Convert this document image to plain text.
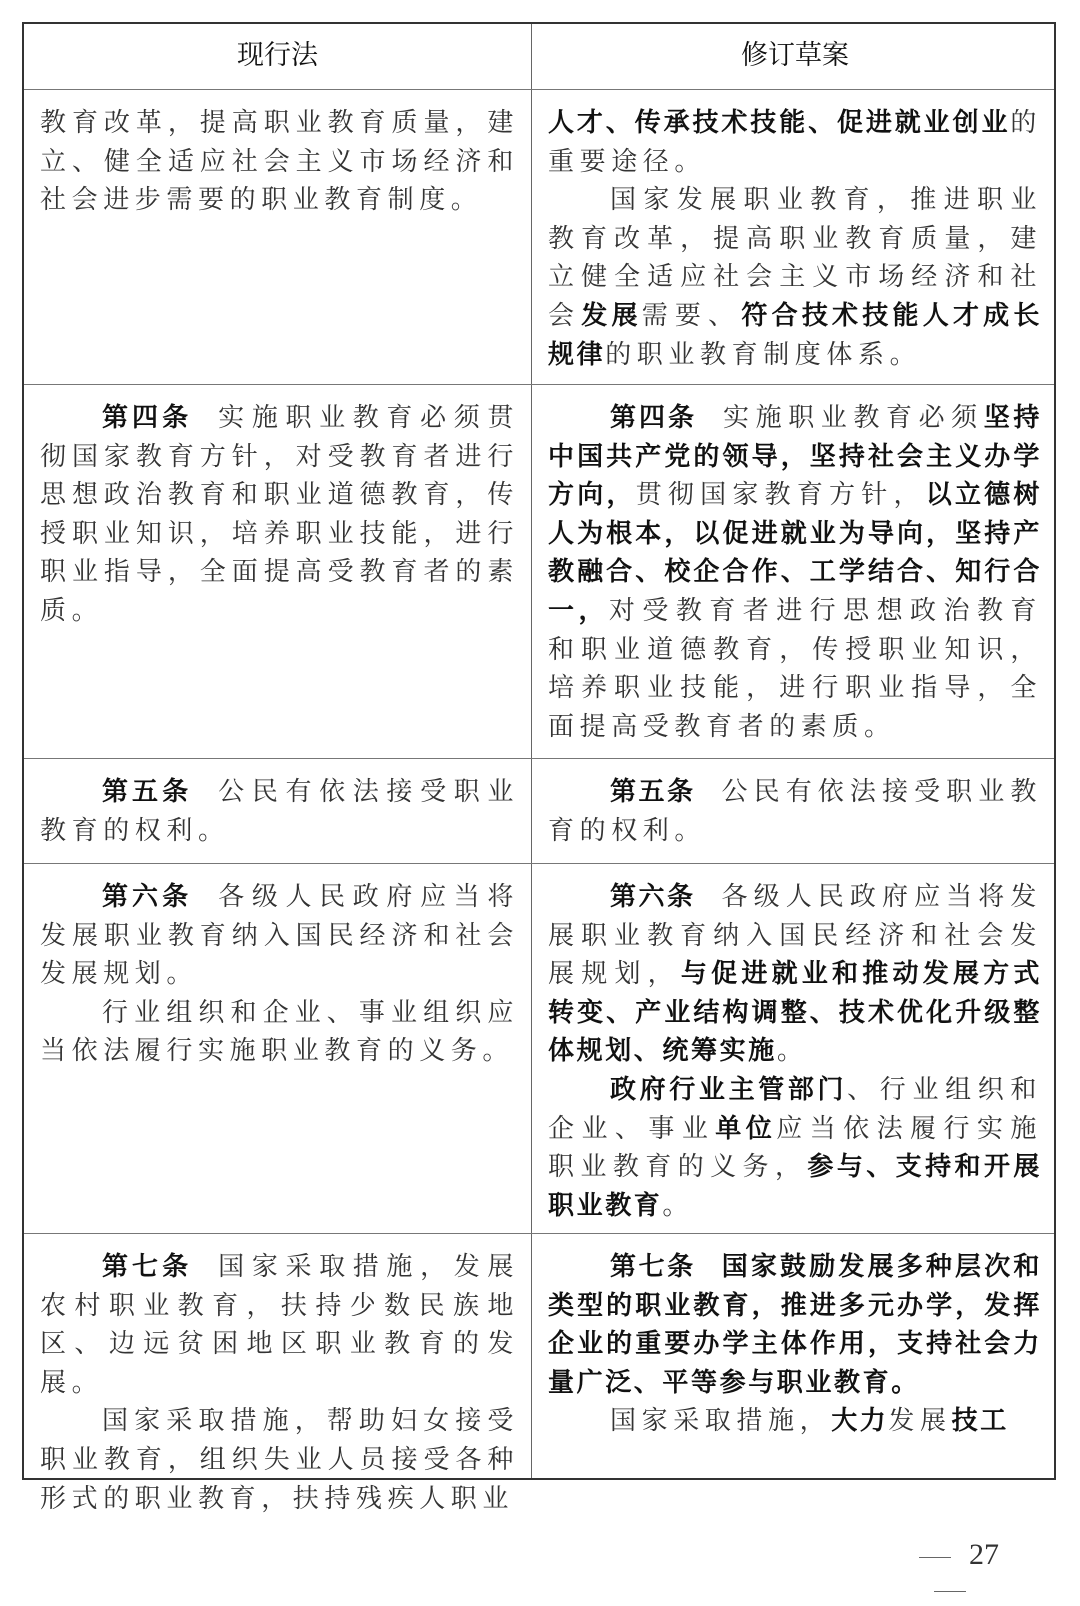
现行法	修订草案

教育改革，提高职业教育质量，建立、健全适应社会主义市场经济和社会进步需要的职业教育制度。

人才、传承技术技能、促进就业创业的重要途径。

国家发展职业教育，推进职业教育改革，提高职业教育质量，建立健全适应社会主义市场经济和社会发展需要、符合技术技能人才成长规律的职业教育制度体系。

第四条 实施职业教育必须贯彻国家教育方针，对受教育者进行思想政治教育和职业道德教育，传授职业知识，培养职业技能，进行职业指导，全面提高受教育者的素质。

第四条 实施职业教育必须坚持中国共产党的领导，坚持社会主义办学方向，贯彻国家教育方针，以立德树人为根本，以促进就业为导向，坚持产教融合、校企合作、工学结合、知行合一，对受教育者进行思想政治教育和职业道德教育，传授职业知识，培养职业技能，进行职业指导，全面提高受教育者的素质。

第五条 公民有依法接受职业教育的权利。

第五条 公民有依法接受职业教育的权利。

第六条 各级人民政府应当将发展职业教育纳入国民经济和社会发展规划。

行业组织和企业、事业组织应当依法履行实施职业教育的义务。

第六条 各级人民政府应当将发展职业教育纳入国民经济和社会发展规划，与促进就业和推动发展方式转变、产业结构调整、技术优化升级整体规划、统筹实施。

政府行业主管部门、行业组织和企业、事业单位应当依法履行实施职业教育的义务，参与、支持和开展职业教育。

第七条 国家采取措施，发展农村职业教育，扶持少数民族地区、边远贫困地区职业教育的发展。

国家采取措施，帮助妇女接受职业教育，组织失业人员接受各种形式的职业教育，扶持残疾人职业

第七条 国家鼓励发展多种层次和类型的职业教育，推进多元办学，发挥企业的重要办学主体作用，支持社会力量广泛、平等参与职业教育。

国家采取措施，大力发展技工

27
